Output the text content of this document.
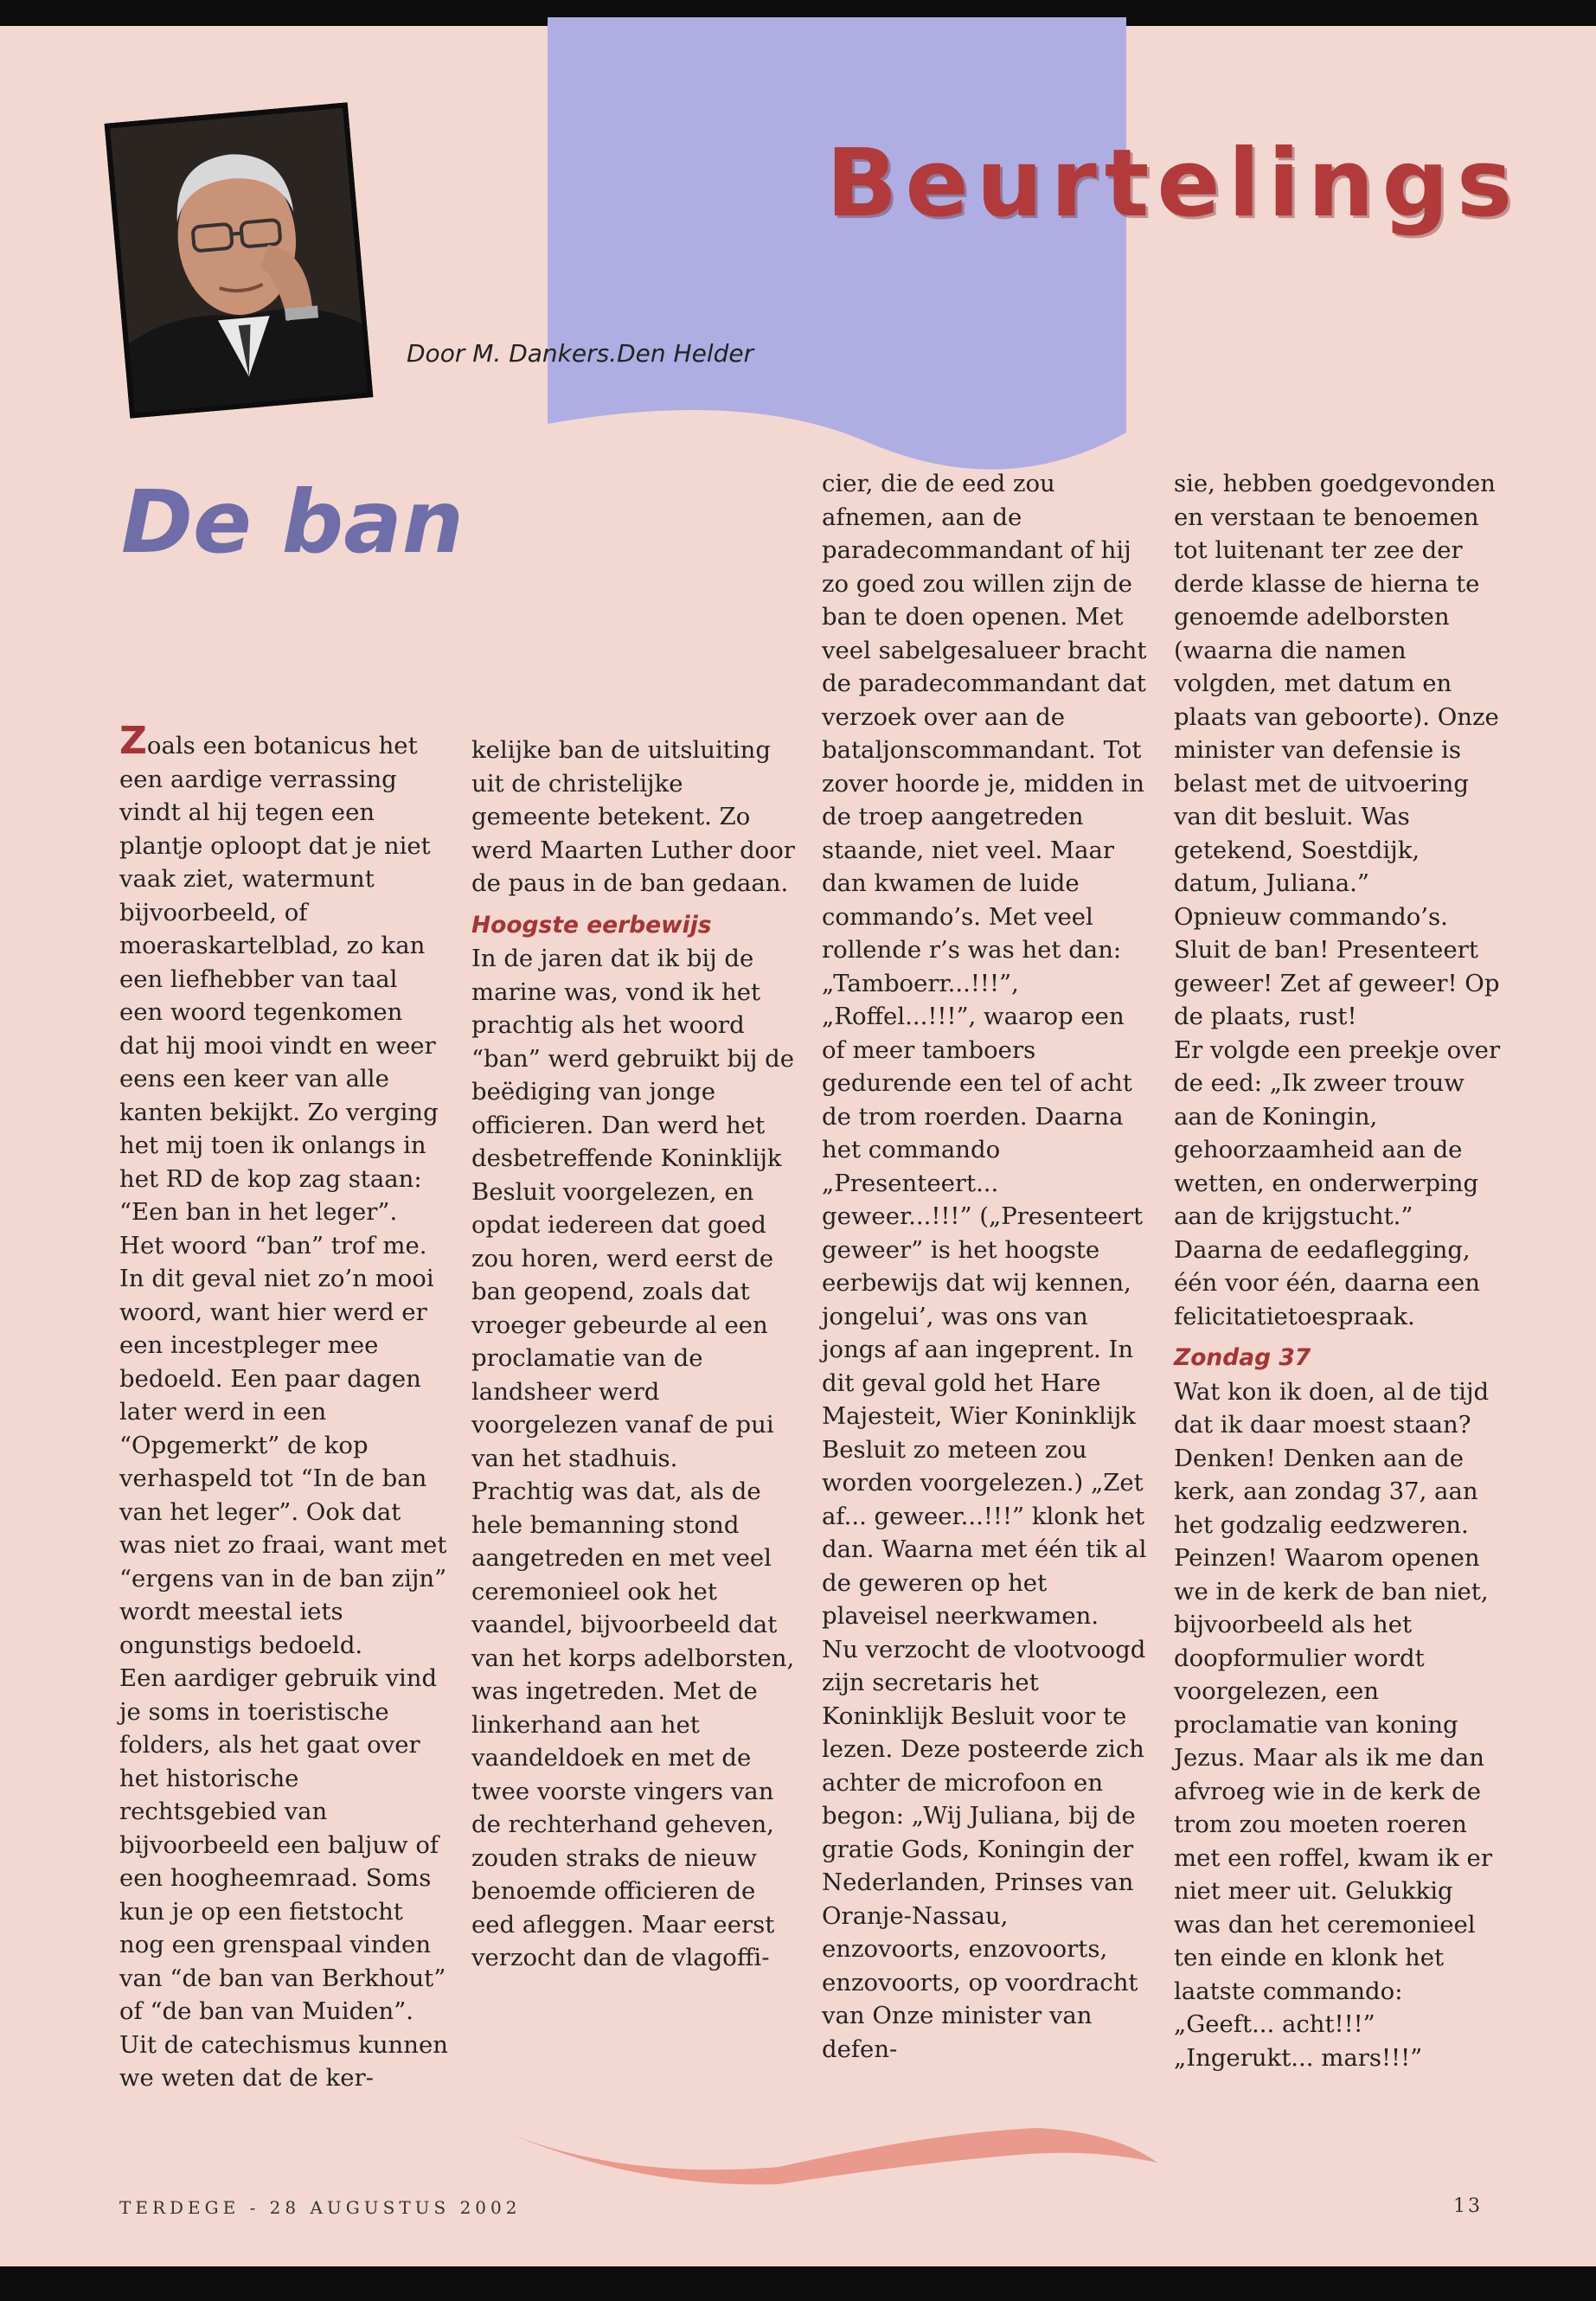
Beurtelings
Door M. Dankers.Den Helder
De ban

Zoals een botanicus het een aardige verrassing vindt al hij tegen een plantje oploopt dat je niet vaak ziet, watermunt bijvoorbeeld, of moeraskartelblad, zo kan een liefhebber van taal een woord tegenkomen dat hij mooi vindt en weer eens een keer van alle kanten bekijkt. Zo verging het mij toen ik onlangs in het RD de kop zag staan: “Een ban in het leger”. Het woord “ban” trof me. In dit geval niet zo’n mooi woord, want hier werd er een incestpleger mee bedoeld. Een paar dagen later werd in een “Opgemerkt” de kop verhaspeld tot “In de ban van het leger”. Ook dat was niet zo fraai, want met “ergens van in de ban zijn” wordt meestal iets ongunstigs bedoeld.

Een aardiger gebruik vind je soms in toeristische folders, als het gaat over het historische rechtsgebied van bijvoorbeeld een baljuw of een hoogheemraad. Soms kun je op een fietstocht nog een grenspaal vinden van “de ban van Berkhout” of “de ban van Muiden”.

Uit de catechismus kunnen we weten dat de ker-

kelijke ban de uitsluiting uit de christelijke gemeente betekent. Zo werd Maarten Luther door de paus in de ban gedaan.

Hoogste eerbewijs

In de jaren dat ik bij de marine was, vond ik het prachtig als het woord “ban” werd gebruikt bij de beëdiging van jonge officieren. Dan werd het desbetreffende Koninklijk Besluit voorgelezen, en opdat iedereen dat goed zou horen, werd eerst de ban geopend, zoals dat vroeger gebeurde al een proclamatie van de landsheer werd voorgelezen vanaf de pui van het stadhuis.

Prachtig was dat, als de hele bemanning stond aangetreden en met veel ceremonieel ook het vaandel, bijvoorbeeld dat van het korps adelborsten, was ingetreden. Met de linkerhand aan het vaandeldoek en met de twee voorste vingers van de rechterhand geheven, zouden straks de nieuw benoemde officieren de eed afleggen. Maar eerst verzocht dan de vlagoffi-

cier, die de eed zou afnemen, aan de paradecommandant of hij zo goed zou willen zijn de ban te doen openen. Met veel sabelgesalueer bracht de paradecommandant dat verzoek over aan de bataljonscommandant. Tot zover hoorde je, midden in de troep aangetreden staande, niet veel. Maar dan kwamen de luide commando’s. Met veel rollende r’s was het dan: „Tamboerr...!!!”, „Roffel...!!!”, waarop een of meer tamboers gedurende een tel of acht de trom roerden. Daarna het commando „Presenteert... geweer...!!!” („Presenteert geweer” is het hoogste eerbewijs dat wij kennen, jongelui’, was ons van jongs af aan ingeprent. In dit geval gold het Hare Majesteit, Wier Koninklijk Besluit zo meteen zou worden voorgelezen.) „Zet af... geweer...!!!” klonk het dan. Waarna met één tik al de geweren op het plaveisel neerkwamen.

Nu verzocht de vlootvoogd zijn secretaris het Koninklijk Besluit voor te lezen. Deze posteerde zich achter de microfoon en begon: „Wij Juliana, bij de gratie Gods, Koningin der Nederlanden, Prinses van Oranje-Nassau, enzovoorts, enzovoorts, enzovoorts, op voordracht van Onze minister van defen-

sie, hebben goedgevonden en verstaan te benoemen tot luitenant ter zee der derde klasse de hierna te genoemde adelborsten (waarna die namen volgden, met datum en plaats van geboorte). Onze minister van defensie is belast met de uitvoering van dit besluit. Was getekend, Soestdijk, datum, Juliana.”

Opnieuw commando’s. Sluit de ban! Presenteert geweer! Zet af geweer! Op de plaats, rust!

Er volgde een preekje over de eed: „Ik zweer trouw aan de Koningin, gehoorzaamheid aan de wetten, en onderwerping aan de krijgstucht.” Daarna de eedaflegging, één voor één, daarna een felicitatietoespraak.

Zondag 37

Wat kon ik doen, al de tijd dat ik daar moest staan? Denken! Denken aan de kerk, aan zondag 37, aan het godzalig eedzweren. Peinzen! Waarom openen we in de kerk de ban niet, bijvoorbeeld als het doopformulier wordt voorgelezen, een proclamatie van koning Jezus. Maar als ik me dan afvroeg wie in de kerk de trom zou moeten roeren met een roffel, kwam ik er niet meer uit. Gelukkig was dan het ceremonieel ten einde en klonk het laatste commando: „Geeft... acht!!!” „Ingerukt... mars!!!”

TERDEGE - 28 AUGUSTUS 2002	13
